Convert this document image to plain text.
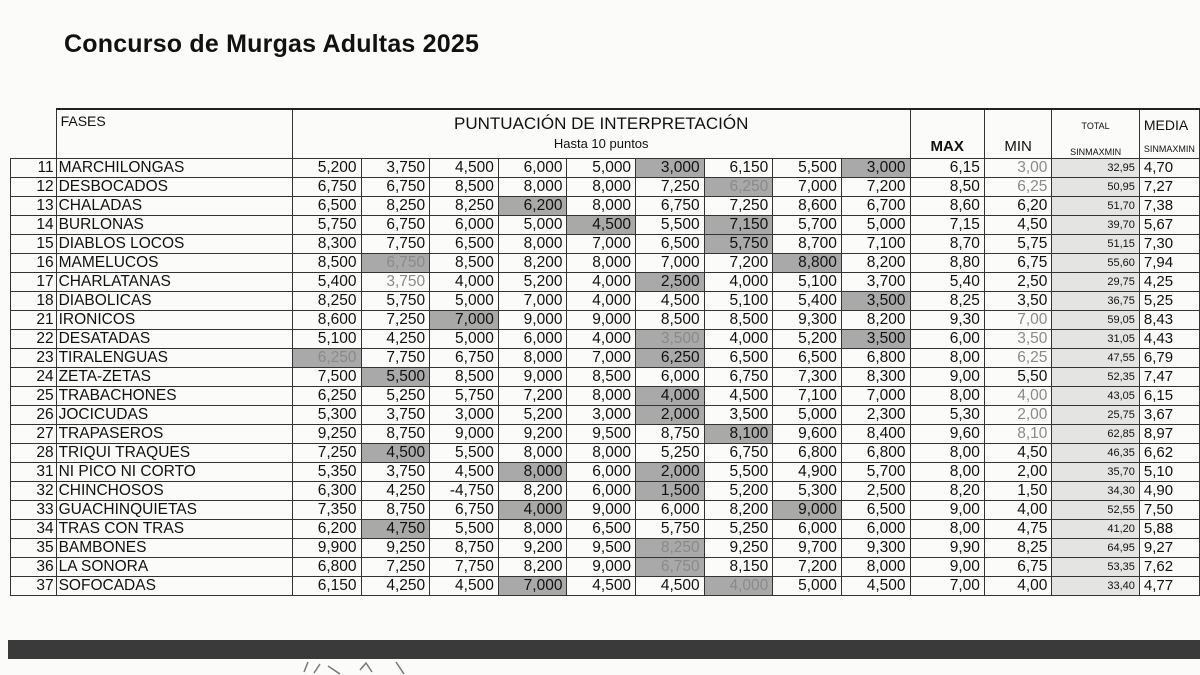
Concurso de Murgas Adultas 2025
	FASES	PUNTUACIÓN DE INTERPRETACIÓN
Hasta 10 puntos									MAX	MIN	TOTAL
SINMAXMIN	MEDIA
SINMAXMIN

11	MARCHILONGAS	5,200	3,750	4,500	6,000	5,000	3,000	6,150	5,500	3,000	6,15	3,00	32,95	4,70
12	DESBOCADOS	6,750	6,750	8,500	8,000	8,000	7,250	6,250	7,000	7,200	8,50	6,25	50,95	7,27
13	CHALADAS	6,500	8,250	8,250	6,200	8,000	6,750	7,250	8,600	6,700	8,60	6,20	51,70	7,38
14	BURLONAS	5,750	6,750	6,000	5,000	4,500	5,500	7,150	5,700	5,000	7,15	4,50	39,70	5,67
15	DIABLOS LOCOS	8,300	7,750	6,500	8,000	7,000	6,500	5,750	8,700	7,100	8,70	5,75	51,15	7,30
16	MAMELUCOS	8,500	6,750	8,500	8,200	8,000	7,000	7,200	8,800	8,200	8,80	6,75	55,60	7,94
17	CHARLATANAS	5,400	3,750	4,000	5,200	4,000	2,500	4,000	5,100	3,700	5,40	2,50	29,75	4,25
18	DIABOLICAS	8,250	5,750	5,000	7,000	4,000	4,500	5,100	5,400	3,500	8,25	3,50	36,75	5,25
21	IRONICOS	8,600	7,250	7,000	9,000	9,000	8,500	8,500	9,300	8,200	9,30	7,00	59,05	8,43
22	DESATADAS	5,100	4,250	5,000	6,000	4,000	3,500	4,000	5,200	3,500	6,00	3,50	31,05	4,43
23	TIRALENGUAS	6,250	7,750	6,750	8,000	7,000	6,250	6,500	6,500	6,800	8,00	6,25	47,55	6,79
24	ZETA-ZETAS	7,500	5,500	8,500	9,000	8,500	6,000	6,750	7,300	8,300	9,00	5,50	52,35	7,47
25	TRABACHONES	6,250	5,250	5,750	7,200	8,000	4,000	4,500	7,100	7,000	8,00	4,00	43,05	6,15
26	JOCICUDAS	5,300	3,750	3,000	5,200	3,000	2,000	3,500	5,000	2,300	5,30	2,00	25,75	3,67
27	TRAPASEROS	9,250	8,750	9,000	9,200	9,500	8,750	8,100	9,600	8,400	9,60	8,10	62,85	8,97
28	TRIQUI TRAQUES	7,250	4,500	5,500	8,000	8,000	5,250	6,750	6,800	6,800	8,00	4,50	46,35	6,62
31	NI PICO NI CORTO	5,350	3,750	4,500	8,000	6,000	2,000	5,500	4,900	5,700	8,00	2,00	35,70	5,10
32	CHINCHOSOS	6,300	4,250	-4,750	8,200	6,000	1,500	5,200	5,300	2,500	8,20	1,50	34,30	4,90
33	GUACHINQUIETAS	7,350	8,750	6,750	4,000	9,000	6,000	8,200	9,000	6,500	9,00	4,00	52,55	7,50
34	TRAS CON TRAS	6,200	4,750	5,500	8,000	6,500	5,750	5,250	6,000	6,000	8,00	4,75	41,20	5,88
35	BAMBONES	9,900	9,250	8,750	9,200	9,500	8,250	9,250	9,700	9,300	9,90	8,25	64,95	9,27
36	LA SONORA	6,800	7,250	7,750	8,200	9,000	6,750	8,150	7,200	8,000	9,00	6,75	53,35	7,62
37	SOFOCADAS	6,150	4,250	4,500	7,000	4,500	4,500	4,000	5,000	4,500	7,00	4,00	33,40	4,77
